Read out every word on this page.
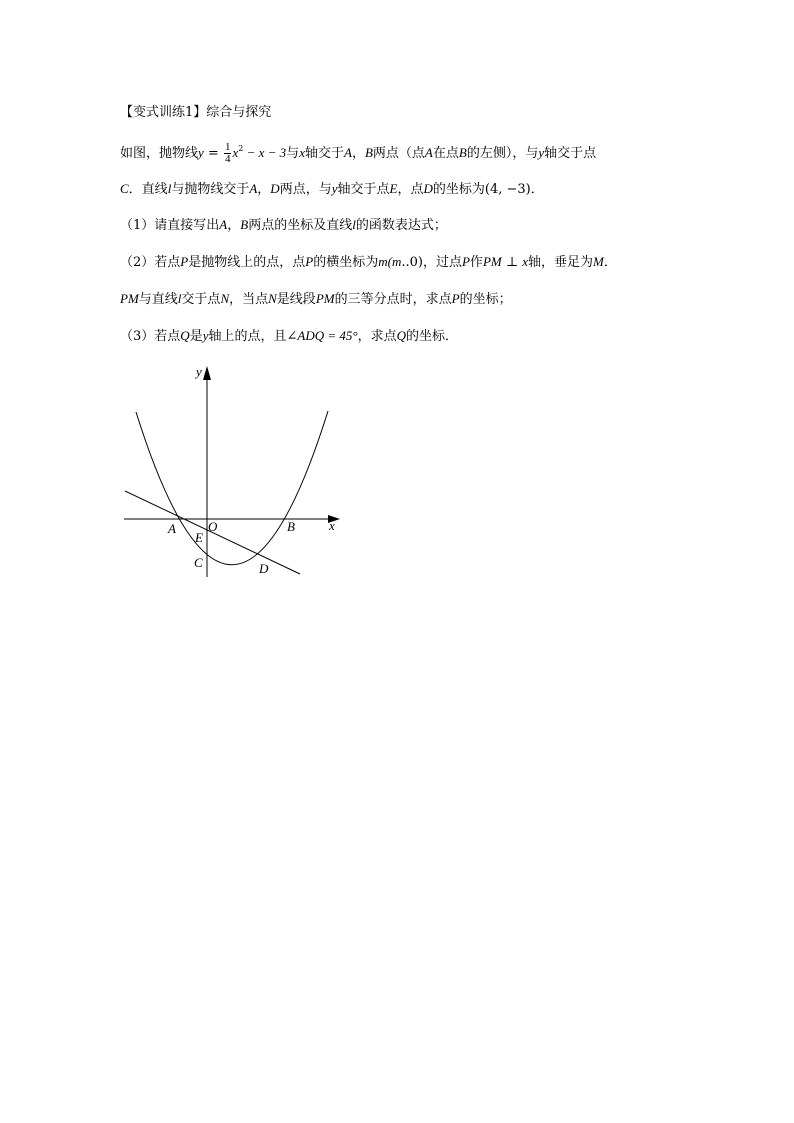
【变式训练1】综合与探究
如图，抛物线$y = \frac{1}{4} x^2 - x - 3$与x轴交于A，B两点（点A在点B的左侧），与y轴交于点
C．直线l与抛物线交于A，D两点，与y轴交于点E，点D的坐标为(4, −3)．
（1）请直接写出A，B两点的坐标及直线l的函数表达式；
（2）若点P是抛物线上的点，点P的横坐标为m(m..0)，过点P作PM ⊥ x轴，垂足为M．
PM与直线l交于点N，当点N是线段PM的三等分点时，求点P的坐标；
（3）若点Q是y轴上的点，且∠ADQ = 45°，求点Q的坐标．
y
x
O
A	B
E
C	D
